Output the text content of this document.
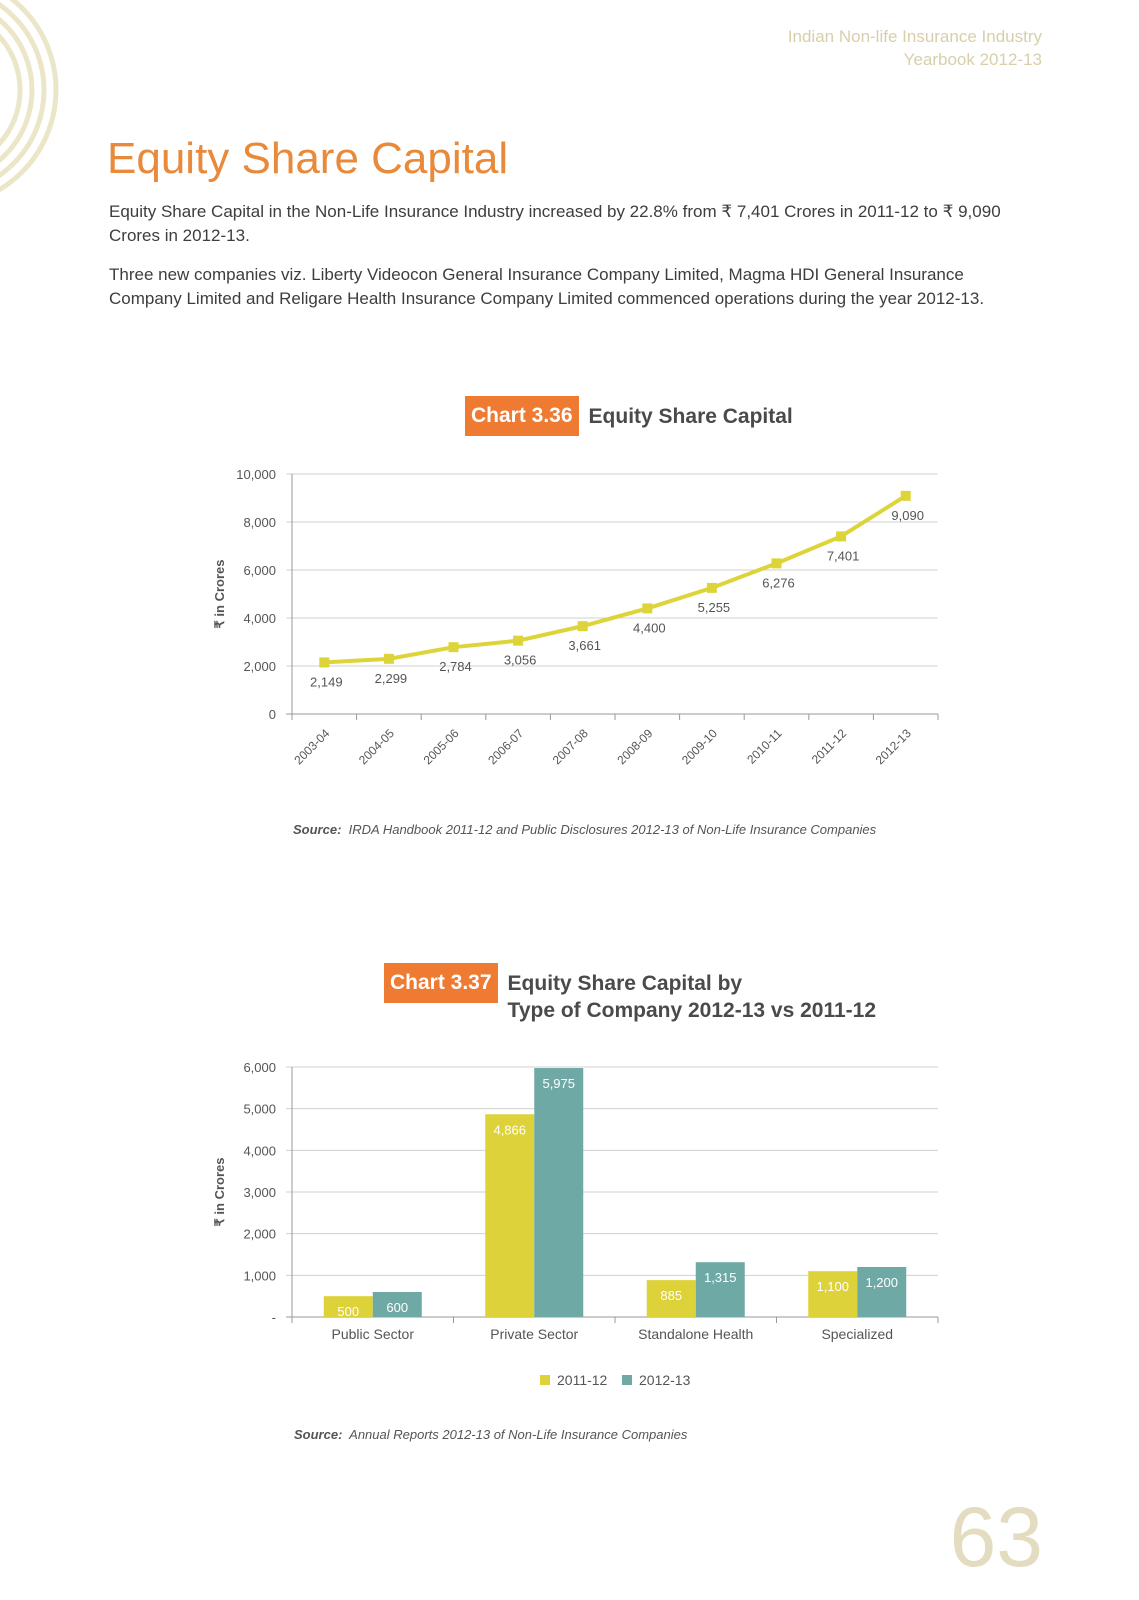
Indian Non-life Insurance Industry
Yearbook 2012-13
Equity Share Capital

Equity Share Capital in the Non-Life Insurance Industry increased by 22.8% from ₹ 7,401 Crores in 2011-12 to ₹ 9,090 Crores in 2012-13.

Three new companies viz. Liberty Videocon General Insurance Company Limited, Magma HDI General Insurance Company Limited and Religare Health Insurance Company Limited commenced operations during the year 2012-13.

Chart 3.36 Equity Share Capital
0
2,000
4,000
6,000
8,000
10,000
2003-04 2004-05 2005-06 2006-07 2007-08 2008-09 2009-10 2010-11 2011-12 2012-13
₹ in Crores
2,149 2,299
2,784 3,056
3,661
4,400
5,255
6,276
7,401
9,090
Source: IRDA Handbook 2011-12 and Public Disclosures 2012-13 of Non-Life Insurance Companies
Chart 3.37 Equity Share Capital by
Type of Company 2012-13 vs 2011-12
-
1,000
2,000
3,000
4,000
5,000
6,000
₹ in Crores
500 600
Public Sector
4,866
5,975
Private Sector
885
1,315
Standalone Health
1,100 1,200
Specialized
2011-12 2012-13
Source: Annual Reports 2012-13 of Non-Life Insurance Companies
63
